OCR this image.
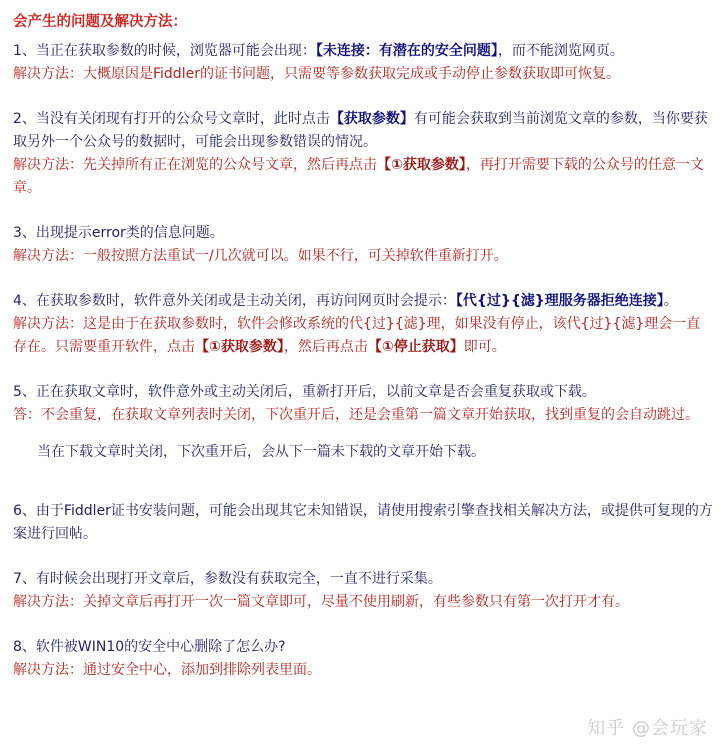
会产生的问题及解决方法：

1、当正在获取参数的时候，浏览器可能会出现：【未连接：有潜在的安全问题】，而不能浏览网页。

解决方法：大概原因是Fiddler的证书问题，只需要等参数获取完成或手动停止参数获取即可恢复。

2、当没有关闭现有打开的公众号文章时，此时点击【获取参数】有可能会获取到当前浏览文章的参数，当你要获取另外一个公众号的数据时，可能会出现参数错误的情况。

解决方法：先关掉所有正在浏览的公众号文章，然后再点击【①获取参数】，再打开需要下载的公众号的任意一文章。

3、出现提示error类的信息问题。

解决方法：一般按照方法重试一/几次就可以。如果不行，可关掉软件重新打开。

4、在获取参数时，软件意外关闭或是主动关闭，再访问网页时会提示：【代{过}{滤}理服务器拒绝连接】。

解决方法：这是由于在获取参数时，软件会修改系统的代{过}{滤}理，如果没有停止，该代{过}{滤}理会一直存在。只需要重开软件，点击【①获取参数】，然后再点击【①停止获取】即可。

5、正在获取文章时，软件意外或主动关闭后，重新打开后，以前文章是否会重复获取或下载。

答：不会重复，在获取文章列表时关闭，下次重开后，还是会重第一篇文章开始获取，找到重复的会自动跳过。

当在下载文章时关闭，下次重开后，会从下一篇未下载的文章开始下载。

6、由于Fiddler证书安装问题，可能会出现其它未知错误，请使用搜索引擎查找相关解决方法，或提供可复现的方案进行回帖。

7、有时候会出现打开文章后，参数没有获取完全，一直不进行采集。

解决方法：关掉文章后再打开一次一篇文章即可，尽量不使用刷新，有些参数只有第一次打开才有。

8、软件被WIN10的安全中心删除了怎么办?

解决方法：通过安全中心，添加到排除列表里面。

知乎 @会玩家
